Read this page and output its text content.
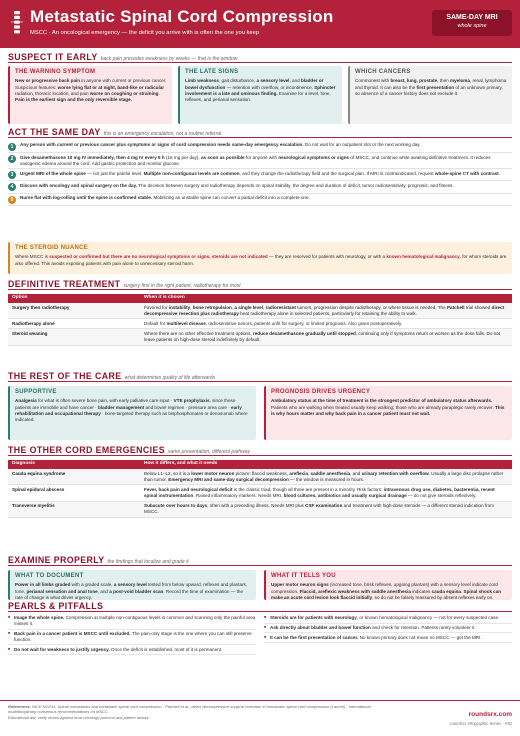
Metastatic Spinal Cord Compression
MSCC · An oncological emergency — the deficit you arrive with is often the one you keep
SAME-DAY MRI
whole spine
SUSPECT IT EARLY back pain precedes weakness by weeks — that is the window
THE WARNING SYMPTOM
New or progressive back pain in anyone with current or previous cancer. Suspicious features: worse lying flat or at night, band-like or radicular radiation, thoracic location, and pain worse on coughing or straining. Pain is the earliest sign and the only reversible stage.
THE LATE SIGNS
Limb weakness, gait disturbance, a sensory level, and bladder or bowel dysfunction — retention with overflow, or incontinence. Sphincter involvement is a late and ominous finding. Examine for a level, tone, reflexes, and perianal sensation.
WHICH CANCERS
Commonest with breast, lung, prostate, then myeloma, renal, lymphoma and thyroid. It can also be the first presentation of an unknown primary, so absence of a cancer history does not exclude it.
ACT THE SAME DAY this is an emergency escalation, not a routine referral
1	Any person with current or previous cancer plus symptoms or signs of cord compression needs same-day emergency escalation. Do not wait for an outpatient slot or the next working day.
2	Give dexamethasone 10 mg IV immediately, then 4 mg IV every 6 h (16 mg per day), as soon as possible for anyone with neurological symptoms or signs of MSCC, and continue while awaiting definitive treatment. It reduces vasogenic edema around the cord. Add gastric protection and monitor glucose.
3	Urgent MRI of the whole spine — not just the painful level. Multiple non-contiguous levels are common, and they change the radiotherapy field and the surgical plan. If MRI is contraindicated, request whole-spine CT with contrast.
4	Discuss with oncology and spinal surgery on the day. The decision between surgery and radiotherapy depends on spinal stability, the degree and duration of deficit, tumor radiosensitivity, prognosis, and fitness.
5	Nurse flat with log-rolling until the spine is confirmed stable. Mobilizing an unstable spine can convert a partial deficit into a complete one.
THE STEROID NUANCE
Where MSCC is suspected or confirmed but there are no neurological symptoms or signs, steroids are not indicated — they are reserved for patients with neurology, or with a known hematological malignancy, for whom steroids are also offered. This avoids exposing patients with pain alone to unnecessary steroid harm.
DEFINITIVE TREATMENT surgery first in the right patient, radiotherapy for most
Option	When it is chosen
Surgery then radiotherapy	Favored for instability, bone retropulsion, a single level, radioresistant tumors, progression despite radiotherapy, or where tissue is needed. The Patchell trial showed direct decompressive resection plus radiotherapy beat radiotherapy alone in selected patients, particularly for retaining the ability to walk.
Radiotherapy alone	Default for multilevel disease, radiosensitive tumors, patients unfit for surgery, or limited prognosis. Also given postoperatively.
Steroid weaning	Where there are no other effective treatment options, reduce dexamethasone gradually until stopped, continuing only if symptoms return or worsen as the dose falls. Do not leave patients on high-dose steroid indefinitely by default.
THE REST OF THE CARE what determines quality of life afterwards
SUPPORTIVE
Analgesia for what is often severe bone pain, with early palliative care input · VTE prophylaxis, since these patients are immobile and have cancer · bladder management and bowel regimen · pressure area care · early rehabilitation and occupational therapy · bone-targeted therapy such as bisphosphonates or denosumab where indicated.
PROGNOSIS DRIVES URGENCY
Ambulatory status at the time of treatment is the strongest predictor of ambulatory status afterwards. Patients who are walking when treated usually keep walking; those who are already paraplegic rarely recover. This is why hours matter and why back pain in a cancer patient must not wait.
THE OTHER CORD EMERGENCIES same presentation, different pathway
Diagnosis	How it differs, and what it needs
Cauda equina syndrome	Below L1–L2, so it is a lower motor neuron picture: flaccid weakness, areflexia, saddle anesthesia, and urinary retention with overflow. Usually a large disc prolapse rather than tumor. Emergency MRI and same-day surgical decompression — the window is measured in hours.
Spinal epidural abscess	Fever, back pain and neurological deficit is the classic triad, though all three are present in a minority. Risk factors: intravenous drug use, diabetes, bacteremia, recent spinal instrumentation. Raised inflammatory markers. Needs MRI, blood cultures, antibiotics and usually surgical drainage — do not give steroids reflexively.
Transverse myelitis	Subacute over hours to days, often with a preceding illness. Needs MRI plus CSF examination and treatment with high-dose steroids — a different steroid indication from MSCC.
EXAMINE PROPERLY the findings that localize and grade it
WHAT TO DOCUMENT
Power in all limbs graded with a graded scale, a sensory level tested from below upward, reflexes and plantars, tone, perianal sensation and anal tone, and a post-void bladder scan. Record the time of examination — the rate of change is what drives urgency.
WHAT IT TELLS YOU
Upper motor neuron signs (increased tone, brisk reflexes, upgoing plantars) with a sensory level indicate cord compression. Flaccid, areflexic weakness with saddle anesthesia indicates cauda equina. Spinal shock can make an acute cord lesion look flaccid initially, so do not be falsely reassured by absent reflexes early on.
PEARLS & PITFALLS
■ Image the whole spine. Compression at multiple non-contiguous levels is common and scanning only the painful area misses it.
■ Back pain in a cancer patient is MSCC until excluded. The pain-only stage is the one where you can still preserve function.
■ Do not wait for weakness to justify urgency. Once the deficit is established, most of it is permanent.
■ Steroids are for patients with neurology, or known hematological malignancy — not for every suspected case.
■ Ask directly about bladder and bowel function and check for retention. Patients rarely volunteer it.
■ It can be the first presentation of cancer. No known primary does not mean no MSCC — get the MRI.
References: NICE NG234, Spinal metastases and metastatic spinal cord compression · Patchell et al., direct decompressive surgical resection in metastatic spinal cord compression (Lancet) · International multidisciplinary consensus recommendations on MSCC.
Educational aid; verify doses against local oncology protocol and patient factors.	roundsrx.com
roundsrx Infographic Series · #92
